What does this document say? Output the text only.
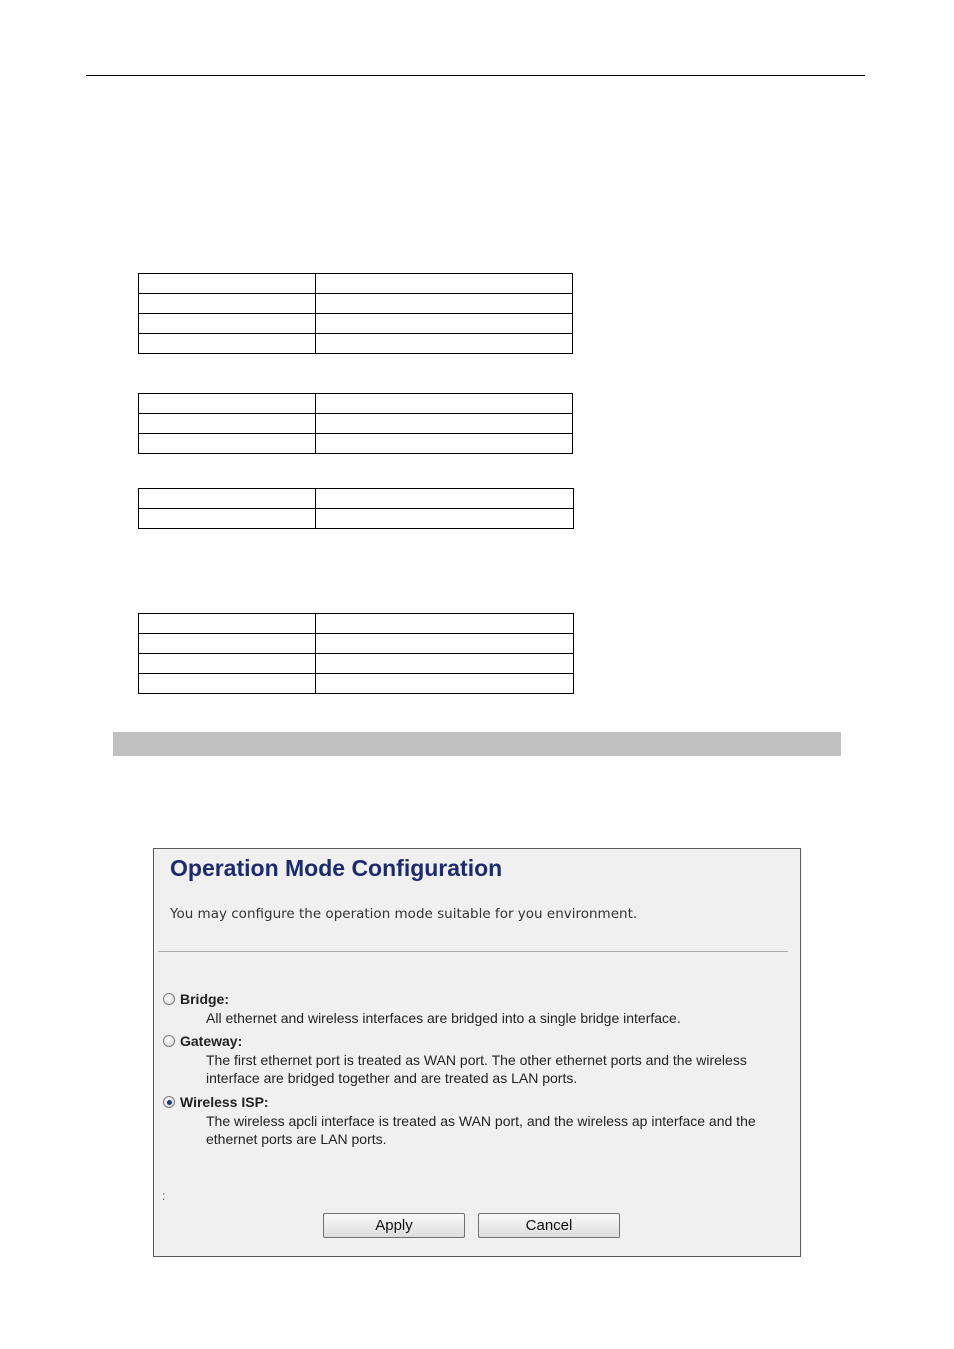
Operation Mode Configuration
You may configure the operation mode suitable for you environment.
Bridge:
All ethernet and wireless interfaces are bridged into a single bridge interface.
Gateway:
The first ethernet port is treated as WAN port. The other ethernet ports and the wireless interface are bridged together and are treated as LAN ports.
Wireless ISP:
The wireless apcli interface is treated as WAN port, and the wireless ap interface and the ethernet ports are LAN ports.
:
Apply	Cancel
